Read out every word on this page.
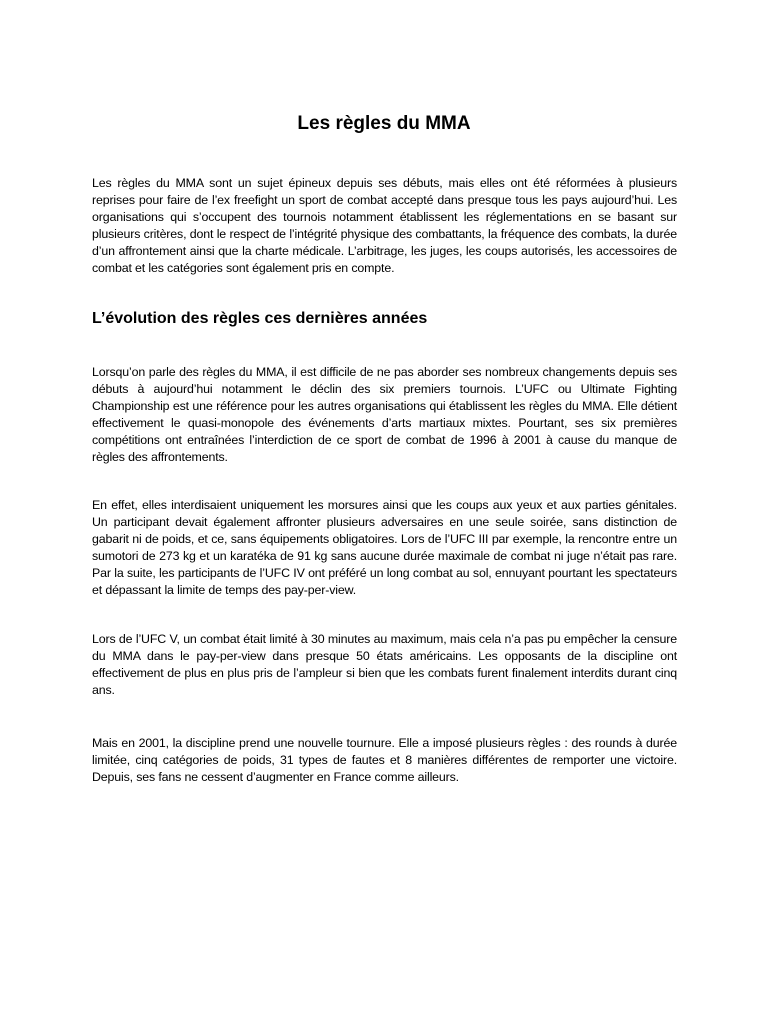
Les règles du MMA

Les règles du MMA sont un sujet épineux depuis ses débuts, mais elles ont été réformées à plusieurs reprises pour faire de l’ex freefight un sport de combat accepté dans presque tous les pays aujourd’hui. Les organisations qui s’occupent des tournois notamment établissent les réglementations en se basant sur plusieurs critères, dont le respect de l’intégrité physique des combattants, la fréquence des combats, la durée d’un affrontement ainsi que la charte médicale. L’arbitrage, les juges, les coups autorisés, les accessoires de combat et les catégories sont également pris en compte.

L’évolution des règles ces dernières années

Lorsqu’on parle des règles du MMA, il est difficile de ne pas aborder ses nombreux changements depuis ses débuts à aujourd’hui notamment le déclin des six premiers tournois. L’UFC ou Ultimate Fighting Championship est une référence pour les autres organisations qui établissent les règles du MMA. Elle détient effectivement le quasi-monopole des événements d’arts martiaux mixtes. Pourtant, ses six premières compétitions ont entraînées l’interdiction de ce sport de combat de 1996 à 2001 à cause du manque de règles des affrontements.

En effet, elles interdisaient uniquement les morsures ainsi que les coups aux yeux et aux parties génitales. Un participant devait également affronter plusieurs adversaires en une seule soirée, sans distinction de gabarit ni de poids, et ce, sans équipements obligatoires. Lors de l’UFC III par exemple, la rencontre entre un sumotori de 273 kg et un karatéka de 91 kg sans aucune durée maximale de combat ni juge n’était pas rare. Par la suite, les participants de l’UFC IV ont préféré un long combat au sol, ennuyant pourtant les spectateurs et dépassant la limite de temps des pay-per-view.

Lors de l’UFC V, un combat était limité à 30 minutes au maximum, mais cela n’a pas pu empêcher la censure du MMA dans le pay-per-view dans presque 50 états américains. Les opposants de la discipline ont effectivement de plus en plus pris de l’ampleur si bien que les combats furent finalement interdits durant cinq ans.

Mais en 2001, la discipline prend une nouvelle tournure. Elle a imposé plusieurs règles : des rounds à durée limitée, cinq catégories de poids, 31 types de fautes et 8 manières différentes de remporter une victoire. Depuis, ses fans ne cessent d’augmenter en France comme ailleurs.
